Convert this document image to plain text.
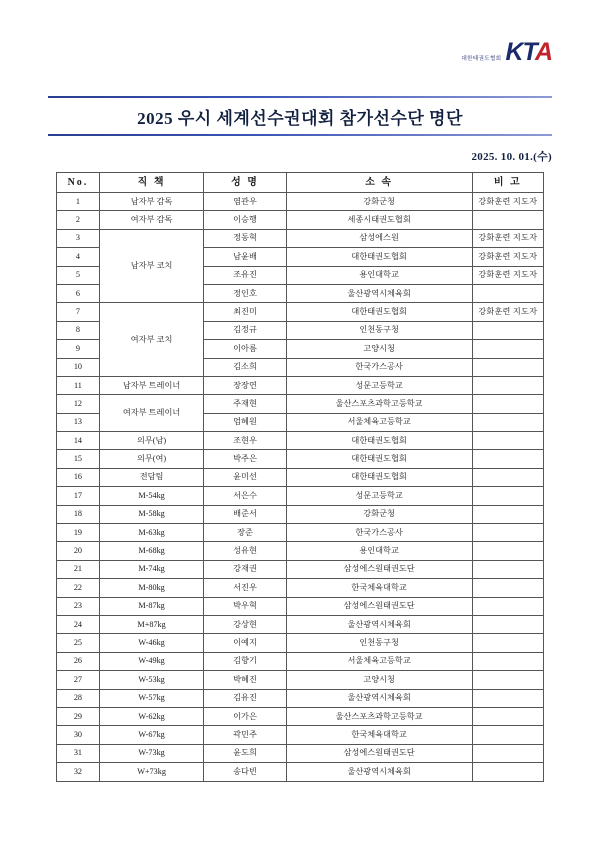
대한태권도협회 KTA
2025 우시 세계선수권대회 참가선수단 명단
2025. 10. 01.(수)
No.	직 책	성 명	소 속	비 고
1	남자부 감독	염관우	강화군청	강화훈련 지도자
2	여자부 감독	이승행	세종시태권도협회	
3	남자부 코치	정동혁	삼성에스원	강화훈련 지도자
4		남윤배	대한태권도협회	강화훈련 지도자
5		조유진	용인대학교	강화훈련 지도자
6		정인호	울산광역시체육회	
7	여자부 코치	최진미	대한태권도협회	강화훈련 지도자
8		김정규	인천동구청	
9		이아름	고양시청	
10		김소희	한국가스공사	
11	남자부 트레이너	장장연	성문고등학교	
12	여자부 트레이너	주재현	울산스포츠과학고등학교	
13		엄혜원	서울체육고등학교	
14	의무(남)	조현우	대한태권도협회	
15	의무(여)	박주은	대한태권도협회	
16	전담팀	윤미선	대한태권도협회	
17	M-54kg	서은수	성문고등학교	
18	M-58kg	배준서	강화군청	
19	M-63kg	장준	한국가스공사	
20	M-68kg	성유현	용인대학교	
21	M-74kg	강재권	삼성에스원태권도단	
22	M-80kg	서진우	한국체육대학교	
23	M-87kg	박우혁	삼성에스원태권도단	
24	M+87kg	강상현	울산광역시체육회	
25	W-46kg	이예지	인천동구청	
26	W-49kg	김향기	서울체육고등학교	
27	W-53kg	박혜진	고양시청	
28	W-57kg	김유진	울산광역시체육회	
29	W-62kg	이가은	울산스포츠과학고등학교	
30	W-67kg	곽민주	한국체육대학교	
31	W-73kg	윤도희	삼성에스원태권도단	
32	W+73kg	송다빈	울산광역시체육회	
